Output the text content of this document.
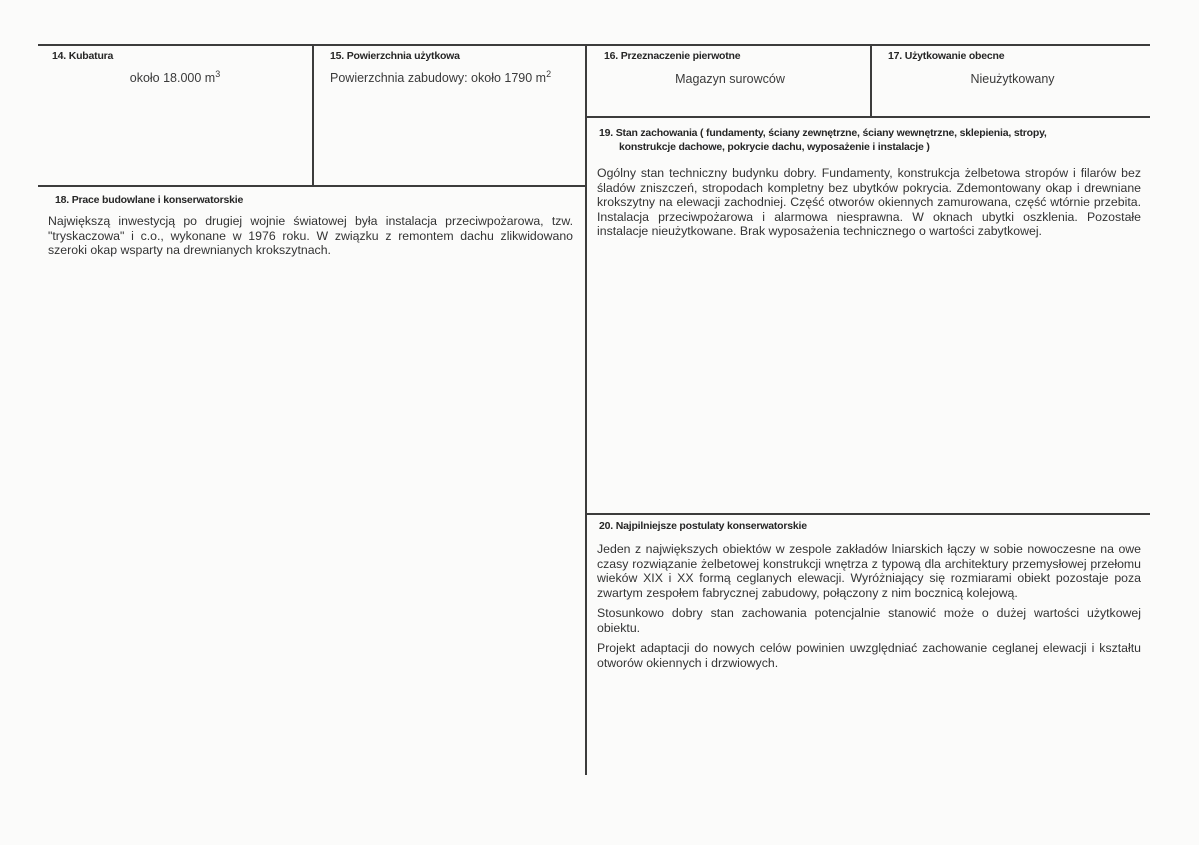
14. Kubatura
około 18.000 $m^3$
15. Powierzchnia użytkowa
Powierzchnia zabudowy: około 1790 $m^2$
16. Przeznaczenie pierwotne
Magazyn surowców
17. Użytkowanie obecne
Nieużytkowany
18. Prace budowlane i konserwatorskie
Największą inwestycją po drugiej wojnie światowej była instalacja przeciwpożarowa, tzw. "tryskaczowa" i c.o., wykonane w 1976 roku. W związku z remontem dachu zlikwidowano szeroki okap wsparty na drewnianych krokszytnach.
19. Stan zachowania ( fundamenty, ściany zewnętrzne, ściany wewnętrzne, sklepienia, stropy,
konstrukcje dachowe, pokrycie dachu, wyposażenie i instalacje )
Ogólny stan techniczny budynku dobry. Fundamenty, konstrukcja żelbetowa stropów i filarów bez śladów zniszczeń, stropodach kompletny bez ubytków pokrycia. Zdemontowany okap i drewniane krokszytny na elewacji zachodniej. Część otworów okiennych zamurowana, część wtórnie przebita. Instalacja przeciwpożarowa i alarmowa niesprawna. W oknach ubytki oszklenia. Pozostałe instalacje nieużytkowane. Brak wyposażenia technicznego o wartości zabytkowej.
20. Najpilniejsze postulaty konserwatorskie

Jeden z największych obiektów w zespole zakładów lniarskich łączy w sobie nowoczesne na owe czasy rozwiązanie żelbetowej konstrukcji wnętrza z typową dla architektury przemysłowej przełomu wieków XIX i XX formą ceglanych elewacji. Wyróżniający się rozmiarami obiekt pozostaje poza zwartym zespołem fabrycznej zabudowy, połączony z nim bocznicą kolejową.

Stosunkowo dobry stan zachowania potencjalnie stanowić może o dużej wartości użytkowej obiektu.

Projekt adaptacji do nowych celów powinien uwzględniać zachowanie ceglanej elewacji i kształtu otworów okiennych i drzwiowych.
